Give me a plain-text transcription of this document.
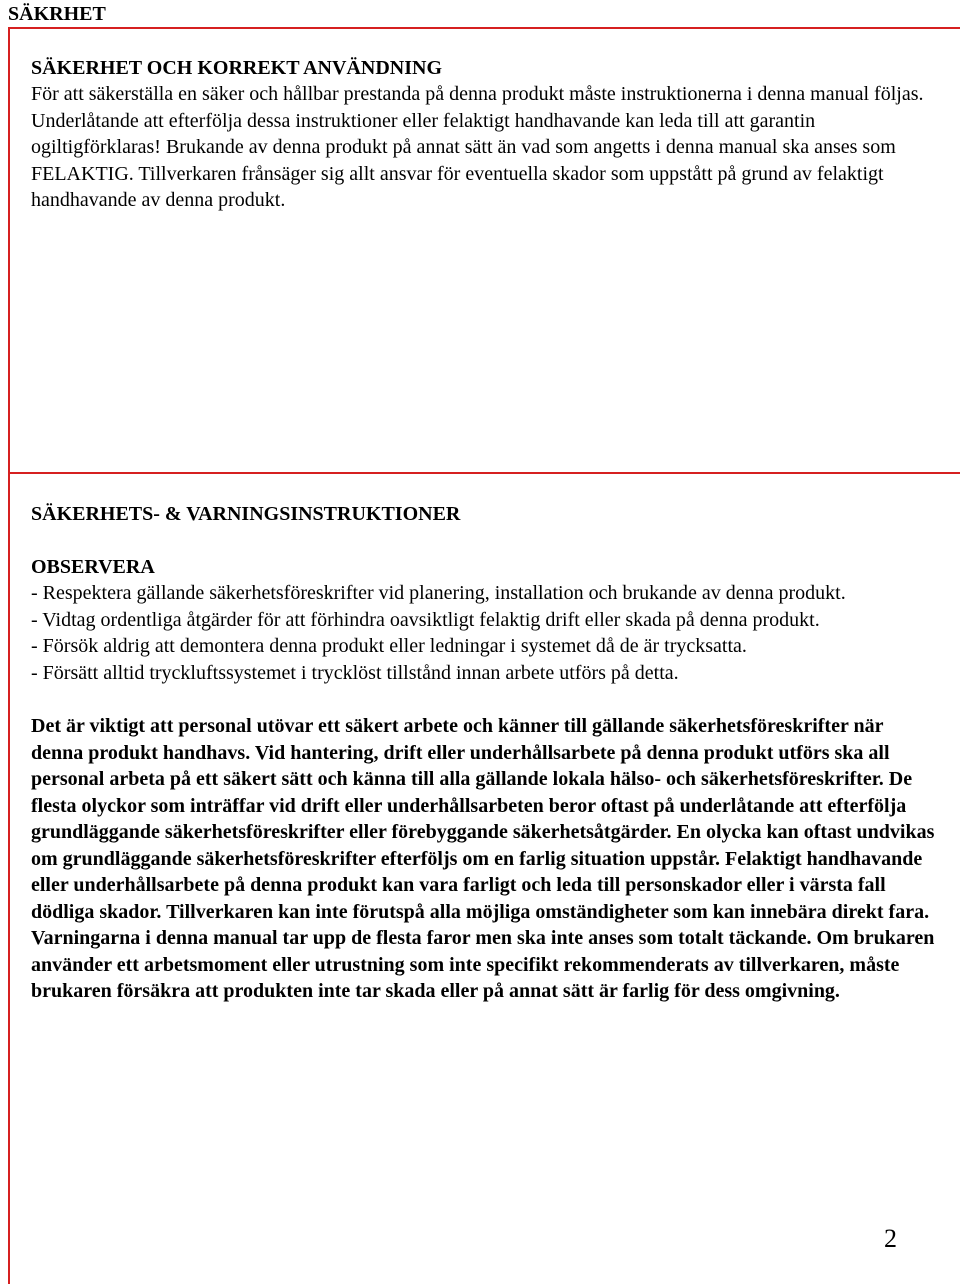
SÄKRHET
SÄKERHET OCH KORREKT ANVÄNDNING

För att säkerställa en säker och hållbar prestanda på denna produkt måste instruktionerna i denna manual följas. Underlåtande att efterfölja dessa instruktioner eller felaktigt handhavande kan leda till att garantin ogiltigförklaras! Brukande av denna produkt på annat sätt än vad som angetts i denna manual ska anses som FELAKTIG. Tillverkaren frånsäger sig allt ansvar för eventuella skador som uppstått på grund av felaktigt handhavande av denna produkt.

SÄKERHETS- & VARNINGSINSTRUKTIONER
OBSERVERA
- Respektera gällande säkerhetsföreskrifter vid planering, installation och brukande av denna produkt.
- Vidtag ordentliga åtgärder för att förhindra oavsiktligt felaktig drift eller skada på denna produkt.
- Försök aldrig att demontera denna produkt eller ledningar i systemet då de är trycksatta.
- Försätt alltid tryckluftssystemet i trycklöst tillstånd innan arbete utförs på detta.

Det är viktigt att personal utövar ett säkert arbete och känner till gällande säkerhetsföreskrifter när denna produkt handhavs. Vid hantering, drift eller underhållsarbete på denna produkt utförs ska all personal arbeta på ett säkert sätt och känna till alla gällande lokala hälso- och säkerhetsföreskrifter. De flesta olyckor som inträffar vid drift eller underhållsarbeten beror oftast på underlåtande att efterfölja grundläggande säkerhetsföreskrifter eller förebyggande säkerhetsåtgärder. En olycka kan oftast undvikas om grundläggande säkerhetsföreskrifter efterföljs om en farlig situation uppstår. Felaktigt handhavande eller underhållsarbete på denna produkt kan vara farligt och leda till personskador eller i värsta fall dödliga skador. Tillverkaren kan inte förutspå alla möjliga omständigheter som kan innebära direkt fara. Varningarna i denna manual tar upp de flesta faror men ska inte anses som totalt täckande. Om brukaren använder ett arbetsmoment eller utrustning som inte specifikt rekommenderats av tillverkaren, måste brukaren försäkra att produkten inte tar skada eller på annat sätt är farlig för dess omgivning.

2
